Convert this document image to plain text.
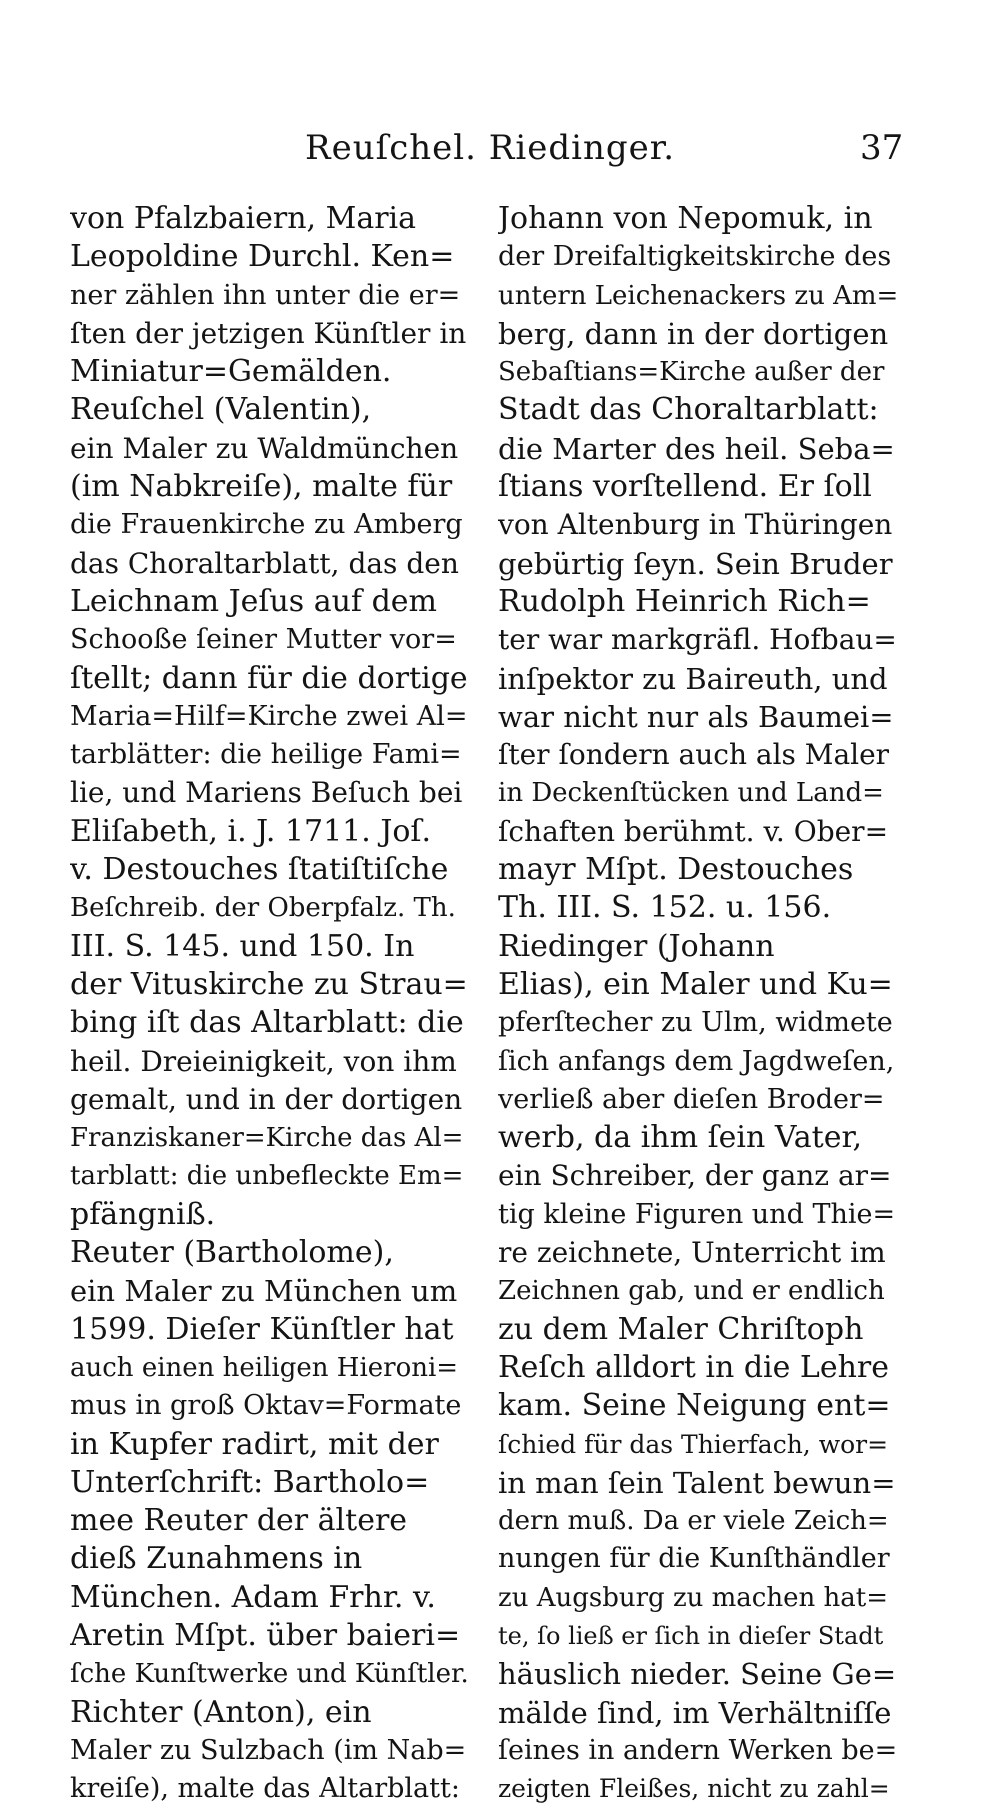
Reuſchel. Riedinger.	37
von Pfalzbaiern, Maria
Leopoldine Durchl. Ken=
ner zählen ihn unter die er=
ſten der jetzigen Künſtler in
Miniatur=Gemälden.
Reuſchel (Valentin),
ein Maler zu Waldmünchen
(im Nabkreiſe), malte für
die Frauenkirche zu Amberg
das Choraltarblatt, das den
Leichnam Jeſus auf dem
Schooße ſeiner Mutter vor=
ſtellt; dann für die dortige
Maria=Hilf=Kirche zwei Al=
tarblätter: die heilige Fami=
lie, und Mariens Beſuch bei
Eliſabeth, i. J. 1711. Joſ.
v. Destouches ſtatiſtiſche
Beſchreib. der Oberpfalz. Th.
III. S. 145. und 150. In
der Vituskirche zu Strau=
bing iſt das Altarblatt: die
heil. Dreieinigkeit, von ihm
gemalt, und in der dortigen
Franziskaner=Kirche das Al=
tarblatt: die unbefleckte Em=
pfängniß.
Reuter (Bartholome),
ein Maler zu München um
1599. Dieſer Künſtler hat
auch einen heiligen Hieroni=
mus in groß Oktav=Formate
in Kupfer radirt, mit der
Unterſchrift: Bartholo=
mee Reuter der ältere
dieß Zunahmens in
München. Adam Frhr. v.
Aretin Mſpt. über baieri=
ſche Kunſtwerke und Künſtler.
Richter (Anton), ein
Maler zu Sulzbach (im Nab=
kreiſe), malte das Altarblatt:
Johann von Nepomuk, in
der Dreifaltigkeitskirche des
untern Leichenackers zu Am=
berg, dann in der dortigen
Sebaſtians=Kirche außer der
Stadt das Choraltarblatt:
die Marter des heil. Seba=
ſtians vorſtellend. Er ſoll
von Altenburg in Thüringen
gebürtig ſeyn. Sein Bruder
Rudolph Heinrich Rich=
ter war markgräfl. Hofbau=
inſpektor zu Baireuth, und
war nicht nur als Baumei=
ſter ſondern auch als Maler
in Deckenſtücken und Land=
ſchaften berühmt. v. Ober=
mayr Mſpt. Destouches
Th. III. S. 152. u. 156.
Riedinger (Johann
Elias), ein Maler und Ku=
pferſtecher zu Ulm, widmete
ſich anfangs dem Jagdweſen,
verließ aber dieſen Broder=
werb, da ihm ſein Vater,
ein Schreiber, der ganz ar=
tig kleine Figuren und Thie=
re zeichnete, Unterricht im
Zeichnen gab, und er endlich
zu dem Maler Chriſtoph
Reſch alldort in die Lehre
kam. Seine Neigung ent=
ſchied für das Thierfach, wor=
in man ſein Talent bewun=
dern muß. Da er viele Zeich=
nungen für die Kunſthändler
zu Augsburg zu machen hat=
te, ſo ließ er ſich in dieſer Stadt
häuslich nieder. Seine Ge=
mälde ſind, im Verhältniſſe
ſeines in andern Werken be=
zeigten Fleißes, nicht zu zahl=
